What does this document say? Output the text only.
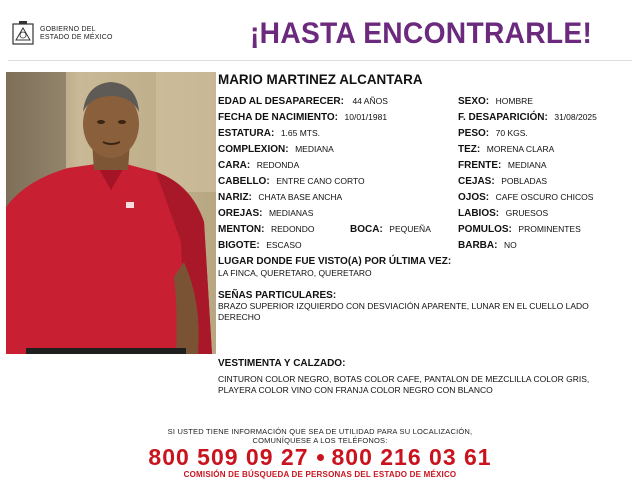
GOBIERNO DEL
ESTADO DE MÉXICO	¡HASTA ENCONTRARLE!
MARIO MARTINEZ ALCANTARA
EDAD AL DESAPARECER: 44 AÑOS
FECHA DE NACIMIENTO: 10/01/1981
ESTATURA: 1.65 MTS.
COMPLEXION: MEDIANA
CARA: REDONDA
CABELLO: ENTRE CANO CORTO
NARIZ: CHATA BASE ANCHA
OREJAS: MEDIANAS
MENTON: REDONDO	BOCA: PEQUEÑA
BIGOTE: ESCASO
SEXO: HOMBRE
F. DESAPARICIÓN: 31/08/2025
PESO: 70 KGS.
TEZ: MORENA CLARA
FRENTE: MEDIANA
CEJAS: POBLADAS
OJOS: CAFE OSCURO CHICOS
LABIOS: GRUESOS
POMULOS: PROMINENTES
BARBA: NO
LUGAR DONDE FUE VISTO(A) POR ÚLTIMA VEZ:
LA FINCA, QUERETARO, QUERETARO
SEÑAS PARTICULARES:
BRAZO SUPERIOR IZQUIERDO CON DESVIACIÓN APARENTE, LUNAR EN EL CUELLO LADO DERECHO
VESTIMENTA Y CALZADO:
CINTURON COLOR NEGRO, BOTAS COLOR CAFE, PANTALON DE MEZCLILLA COLOR GRIS, PLAYERA COLOR VINO CON FRANJA COLOR NEGRO CON BLANCO
SI USTED TIENE INFORMACIÓN QUE SEA DE UTILIDAD PARA SU LOCALIZACIÓN,
COMUNÍQUESE A LOS TELÉFONOS:
800 509 09 27 800 216 03 61
COMISIÓN DE BÚSQUEDA DE PERSONAS DEL ESTADO DE MÉXICO
